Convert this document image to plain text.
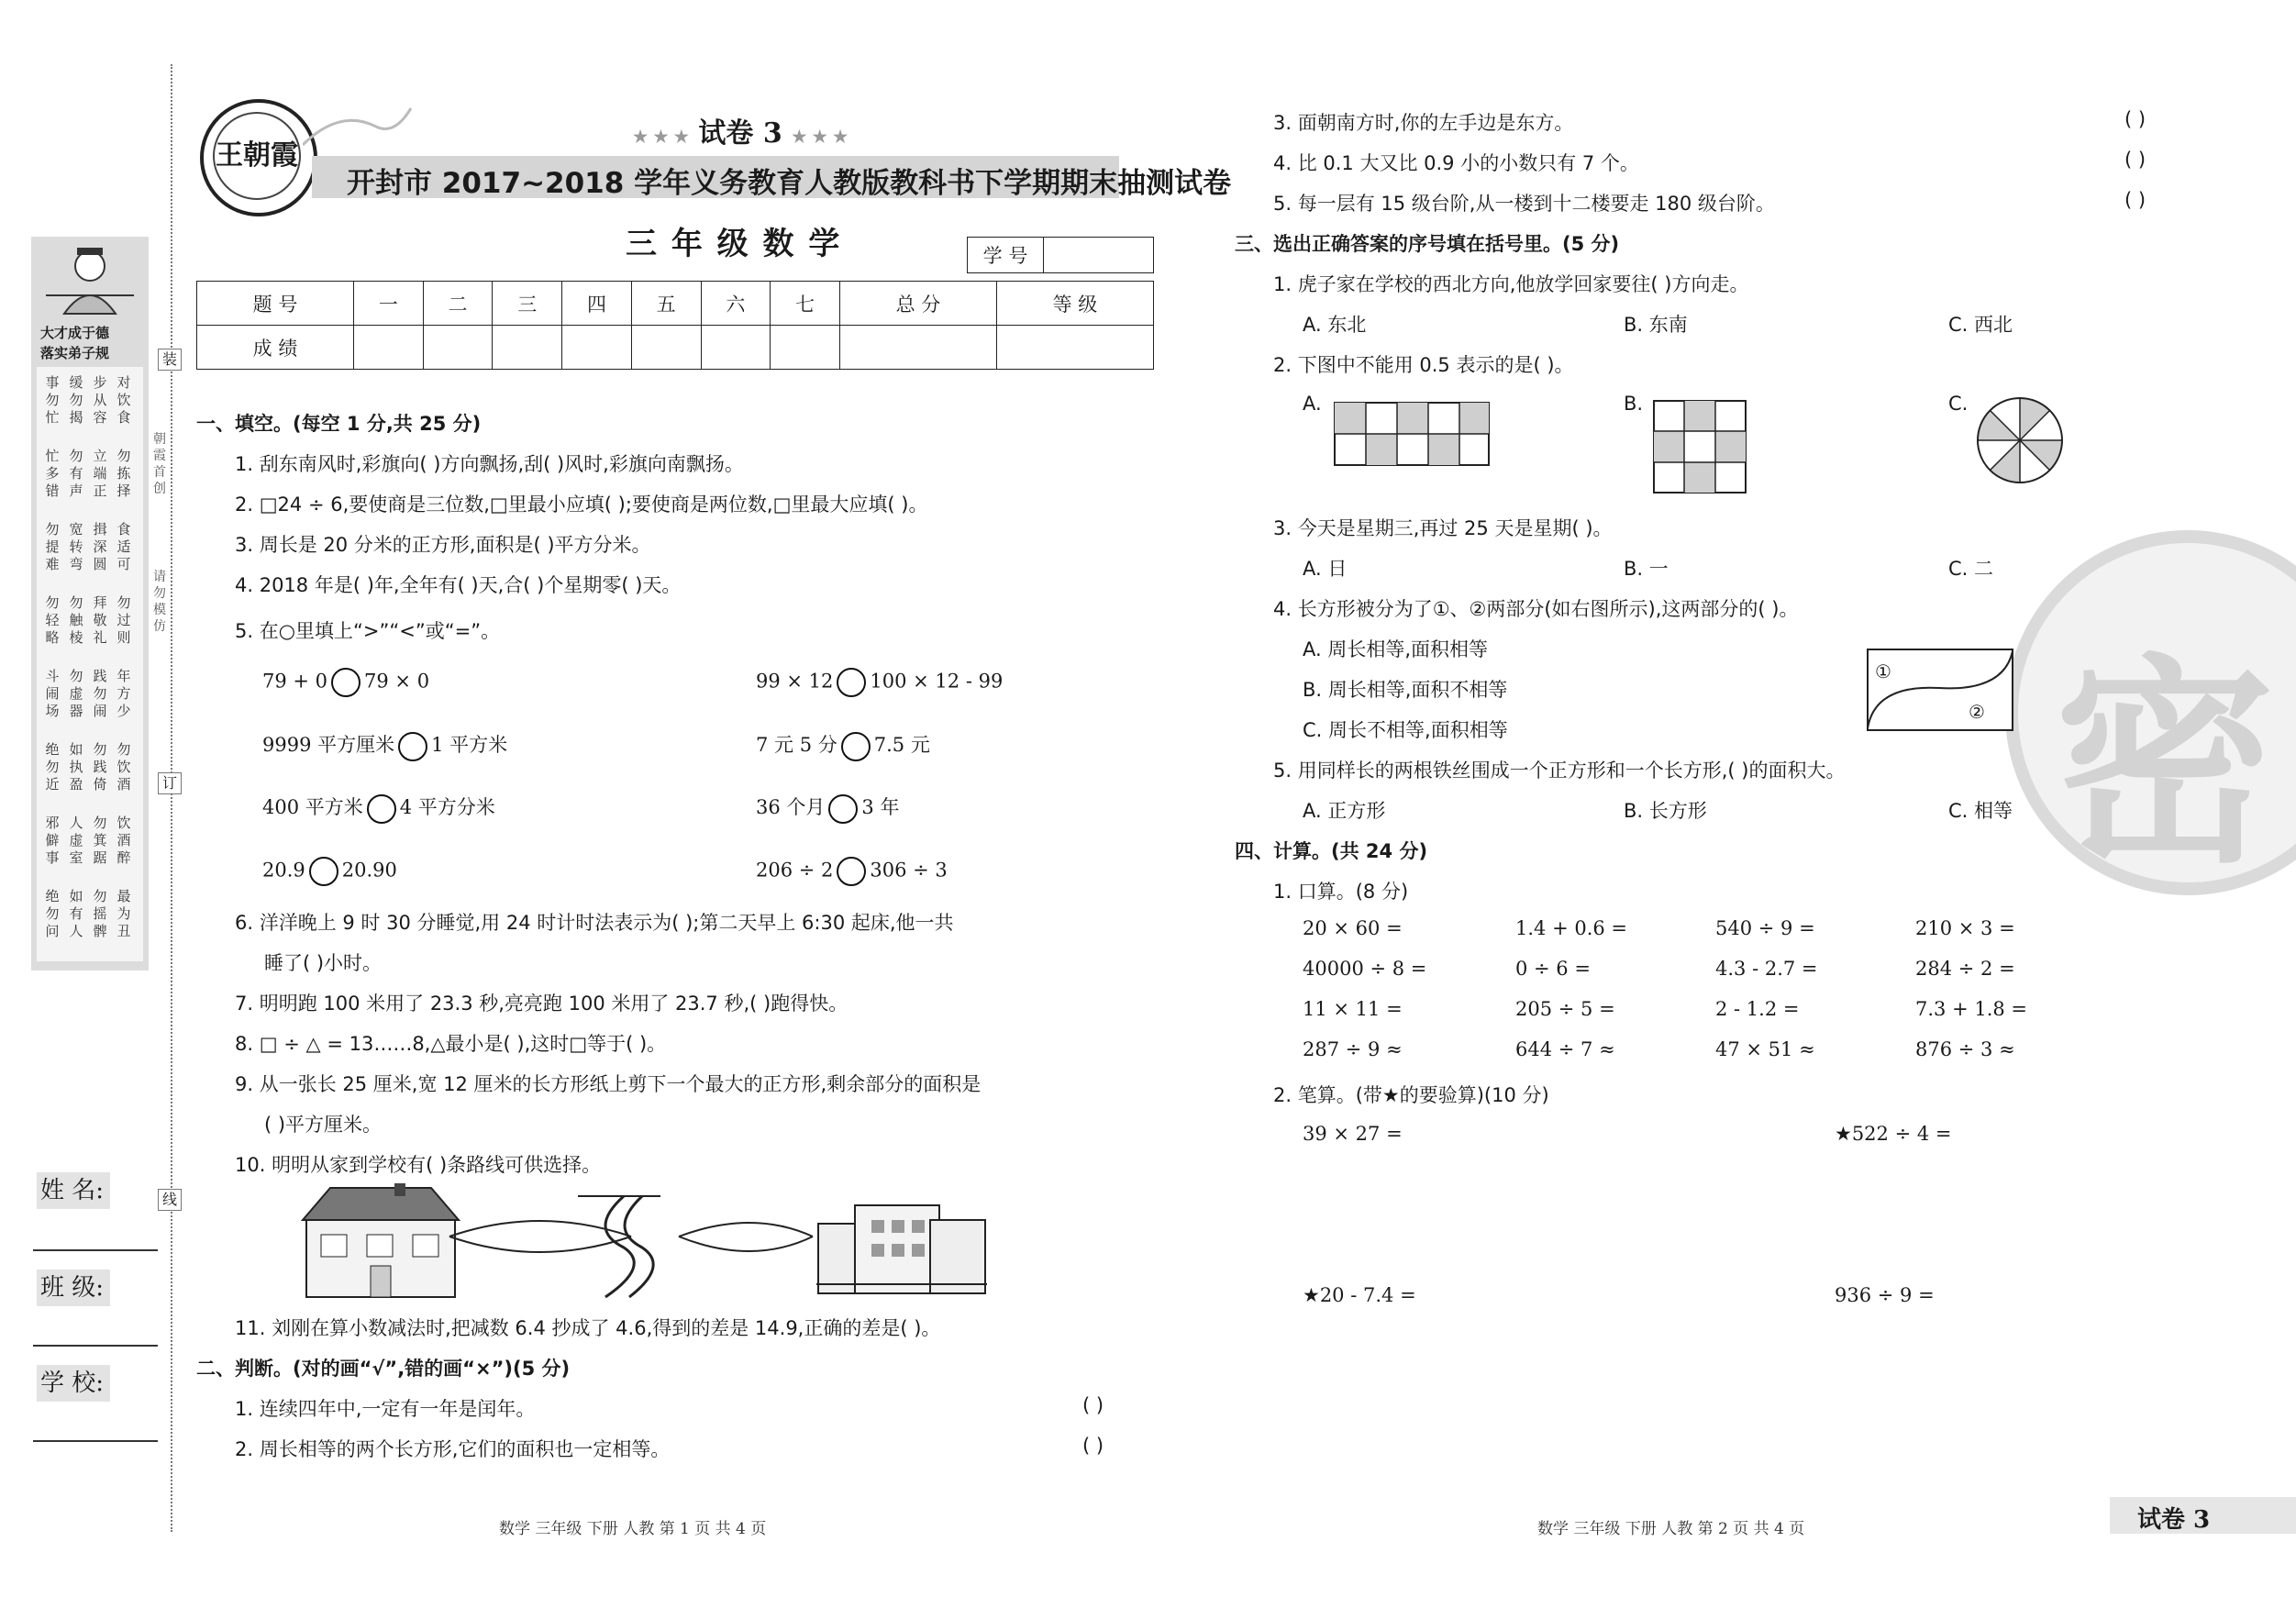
大才成于德
落实弟子规
事勿忙
缓勿揭
步从容
对饮食
忙多错
勿有声
立端正
勿拣择
勿提难
宽转弯
揖深圆
食适可
勿轻略
勿触棱
拜敬礼
勿过则
斗闹场
勿虚器
践勿闹
年方少
绝勿近
如执盈
勿践倚
勿饮酒
邪僻事
人虚室
勿箕踞
饮酒醉
绝勿问
如有人
勿摇髀
最为丑
装
朝霞首创
请勿模仿
订
线
姓 名:
班 级:
学 校:
王朝霞
★ ★ ★ 试卷 3 ★ ★ ★
开封市 2017~2018 学年义务教育人教版教科书下学期期末抽测试卷
三 年 级 数 学	学 号	
题 号	一	二	三	四	五	六	七	总 分	等 级
成 绩									
一、填空。(每空 1 分,共 25 分)
1. 刮东南风时,彩旗向( )方向飘扬,刮( )风时,彩旗向南飘扬。
2. □24 ÷ 6,要使商是三位数,□里最小应填( );要使商是两位数,□里最大应填( )。
3. 周长是 20 分米的正方形,面积是( )平方分米。
4. 2018 年是( )年,全年有( )天,合( )个星期零( )天。
5. 在○里填上“>”“<”或“=”。
79 + 0 79 × 0	99 × 12 100 × 12 - 99
9999 平方厘米 1 平方米	7 元 5 分 7.5 元
400 平方米 4 平方分米	36 个月 3 年
20.9 20.90	206 ÷ 2 306 ÷ 3
6. 洋洋晚上 9 时 30 分睡觉,用 24 时计时法表示为( );第二天早上 6:30 起床,他一共
睡了( )小时。
7. 明明跑 100 米用了 23.3 秒,亮亮跑 100 米用了 23.7 秒,( )跑得快。
8. □ ÷ △ = 13……8,△最小是( ),这时□等于( )。
9. 从一张长 25 厘米,宽 12 厘米的长方形纸上剪下一个最大的正方形,剩余部分的面积是
( )平方厘米。
10. 明明从家到学校有( )条路线可供选择。
11. 刘刚在算小数减法时,把减数 6.4 抄成了 4.6,得到的差是 14.9,正确的差是( )。
二、判断。(对的画“√”,错的画“×”)(5 分)
1. 连续四年中,一定有一年是闰年。	( )
2. 周长相等的两个长方形,它们的面积也一定相等。	( )
数学 三年级 下册 人教 第 1 页 共 4 页
密
3. 面朝南方时,你的左手边是东方。	( )
4. 比 0.1 大又比 0.9 小的小数只有 7 个。	( )
5. 每一层有 15 级台阶,从一楼到十二楼要走 180 级台阶。	( )
三、选出正确答案的序号填在括号里。(5 分)
1. 虎子家在学校的西北方向,他放学回家要往( )方向走。
A. 东北	B. 东南	C. 西北
2. 下图中不能用 0.5 表示的是( )。
A.	B.	C.
3. 今天是星期三,再过 25 天是星期( )。
A. 日	B. 一	C. 二
4. 长方形被分为了①、②两部分(如右图所示),这两部分的( )。
A. 周长相等,面积相等
B. 周长相等,面积不相等
C. 周长不相等,面积相等
①
②
5. 用同样长的两根铁丝围成一个正方形和一个长方形,( )的面积大。
A. 正方形	B. 长方形	C. 相等
四、计算。(共 24 分)
1. 口算。(8 分)
20 × 60 =	1.4 + 0.6 =	540 ÷ 9 =	210 × 3 =
40000 ÷ 8 =	0 ÷ 6 =	4.3 - 2.7 =	284 ÷ 2 =
11 × 11 =	205 ÷ 5 =	2 - 1.2 =	7.3 + 1.8 =
287 ÷ 9 ≈	644 ÷ 7 ≈	47 × 51 ≈	876 ÷ 3 ≈
2. 笔算。(带★的要验算)(10 分)
39 × 27 =	★522 ÷ 4 =
★20 - 7.4 =	936 ÷ 9 =
数学 三年级 下册 人教 第 2 页 共 4 页	试卷 3
